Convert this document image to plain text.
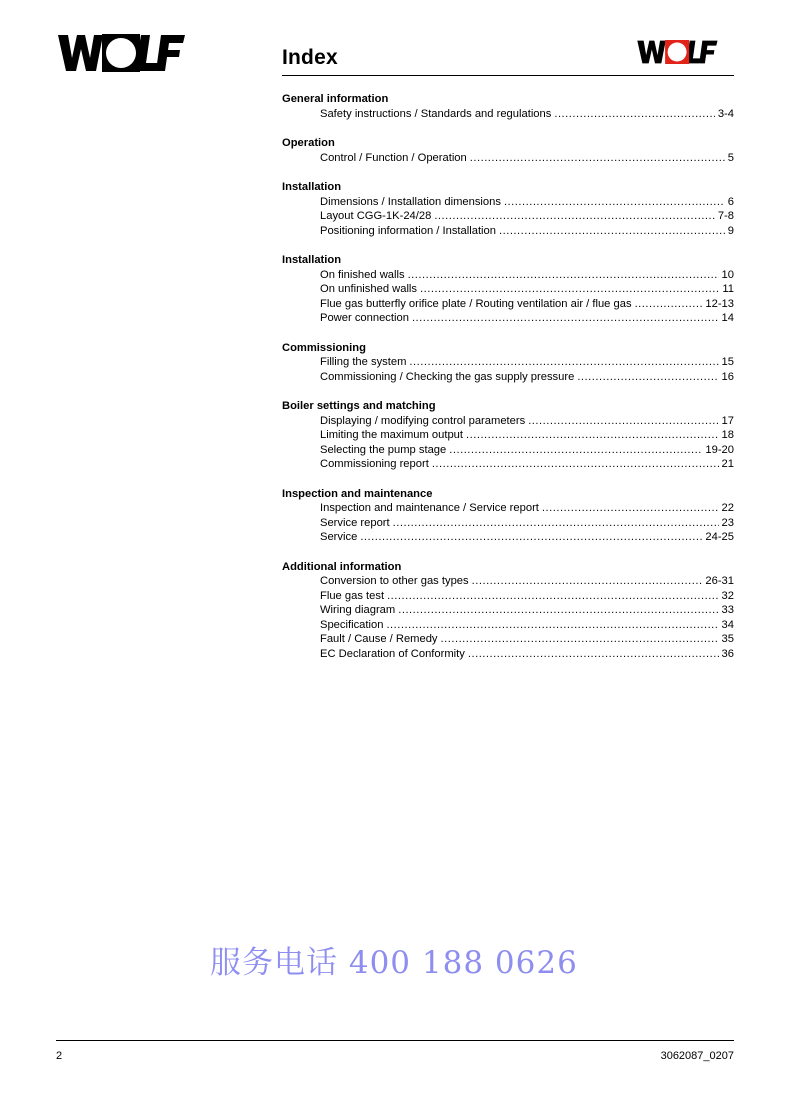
Index
General information
Safety instructions / Standards and regulations .....	3-4
Operation
Control / Function / Operation .....	5
Installation
Dimensions / Installation dimensions .....	6
Layout CGG-1K-24/28 .....	7-8
Positioning information / Installation .....	9
Installation
On finished walls .....	10
On unfinished walls .....	11
Flue gas butterfly orifice plate / Routing ventilation air / flue gas .....	12-13
Power connection .....	14
Commissioning
Filling the system .....	15
Commissioning / Checking the gas supply pressure .....	16
Boiler settings and matching
Displaying / modifying control parameters .....	17
Limiting the maximum output .....	18
Selecting the pump stage .....	19-20
Commissioning report .....	21
Inspection and maintenance
Inspection and maintenance / Service report .....	22
Service report .....	23
Service .....	24-25
Additional information
Conversion to other gas types .....	26-31
Flue gas test .....	32
Wiring diagram .....	33
Specification .....	34
Fault / Cause / Remedy .....	35
EC Declaration of Conformity .....	36
服务电话 400 188 0626
2	3062087_0207
